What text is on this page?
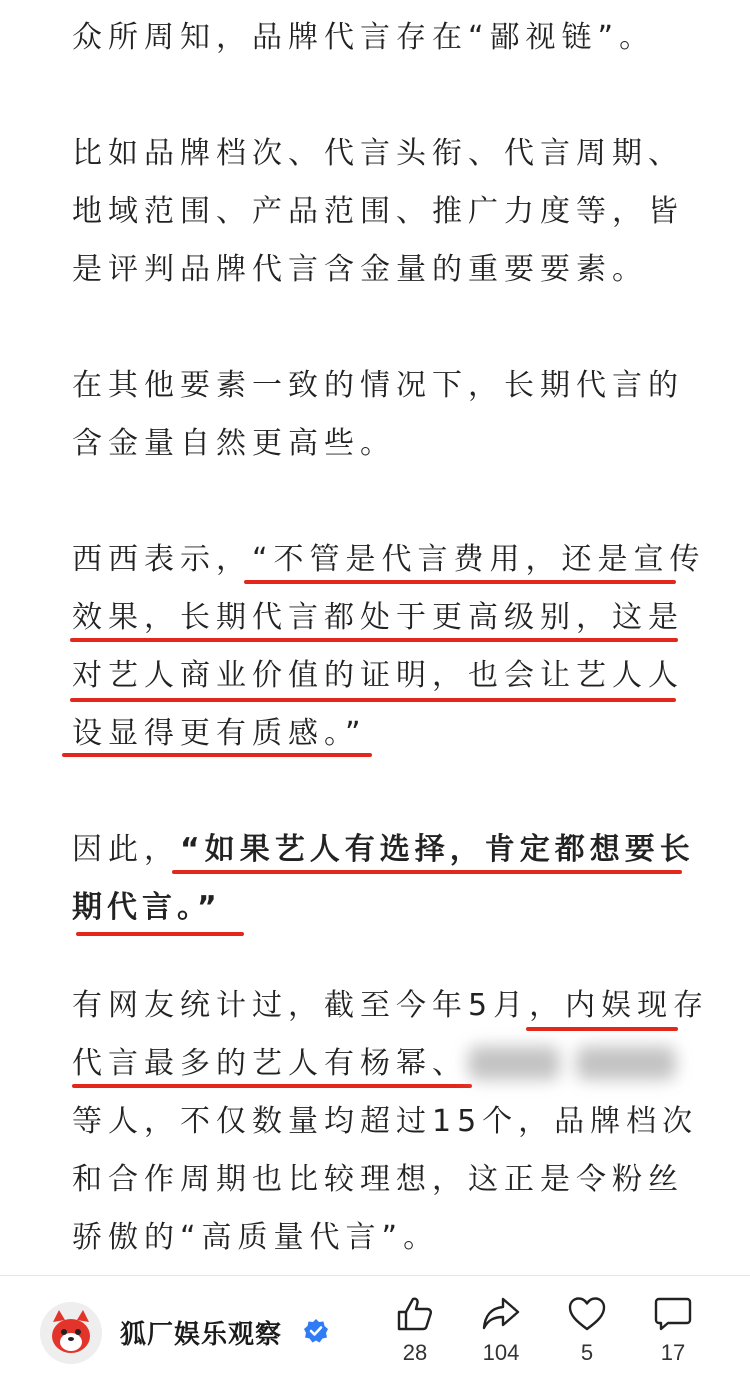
众所周知，品牌代言存在“鄙视链”。
比如品牌档次、代言头衔、代言周期、
地域范围、产品范围、推广力度等，皆
是评判品牌代言含金量的重要要素。
在其他要素一致的情况下，长期代言的
含金量自然更高些。
西西表示，“不管是代言费用，还是宣传
效果，长期代言都处于更高级别，这是
对艺人商业价值的证明，也会让艺人人
设显得更有质感。”
因此，“如果艺人有选择，肯定都想要长
期代言。”
有网友统计过，截至今年5月，内娱现存
代言最多的艺人有杨幂、
等人，不仅数量均超过15个，品牌档次
和合作周期也比较理想，这正是令粉丝
骄傲的“高质量代言”。
狐厂娱乐观察
28	104	5	17
